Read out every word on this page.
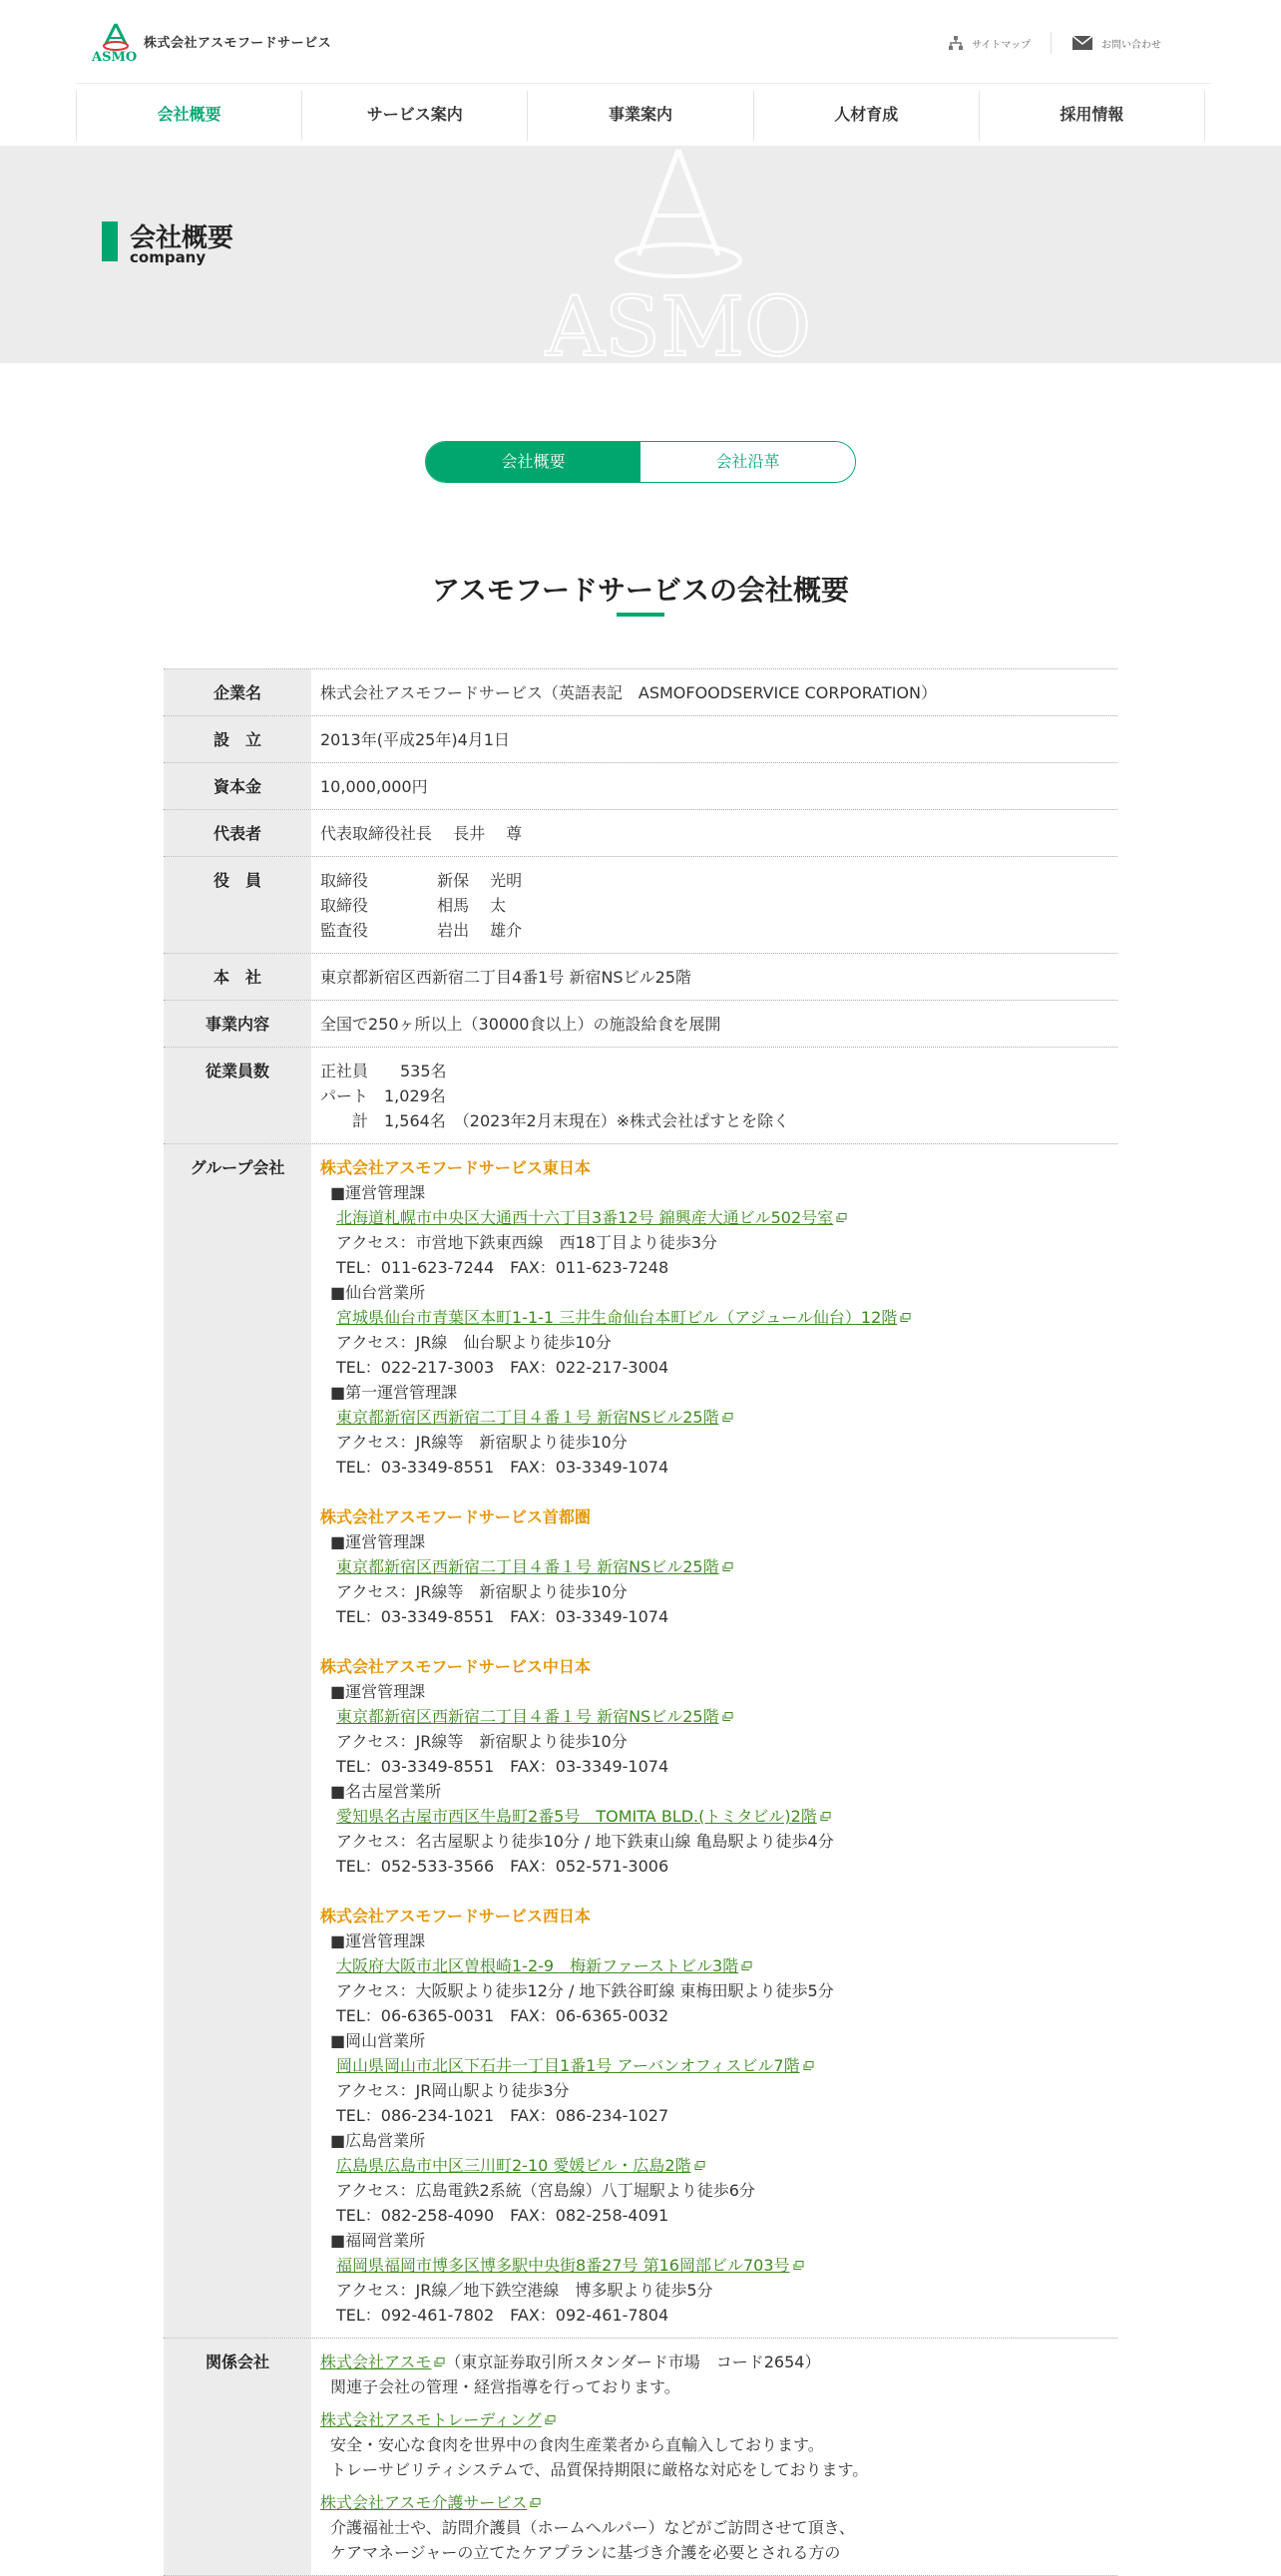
ASMO
株式会社アスモフードサービス	サイトマップ	お問い合わせ
会社概要	サービス案内	事業案内	人材育成	採用情報
ASMO
会社概要
company
会社概要	会社沿革
アスモフードサービスの会社概要
企業名	株式会社アスモフードサービス（英語表記　ASMOFOODSERVICE CORPORATION）
設　立	2013年(平成25年)4月1日
資本金	10,000,000円
代表者	代表取締役社長　 長井　 尊
役　員	取締役　　　　 新保　 光明
取締役　　　　 相馬　 太
監査役　　　　 岩出　 雄介
本　社	東京都新宿区西新宿二丁目4番1号 新宿NSビル25階
事業内容	全国で250ヶ所以上（30000食以上）の施設給食を展開
従業員数	正社員　　535名
パート　1,029名
　　計　1,564名　（2023年2月末現在）※株式会社ぱすとを除く
グループ会社	株式会社アスモフードサービス東日本
■運営管理課
北海道札幌市中央区大通西十六丁目3番12号 錦興産大通ビル502号室
アクセス：市営地下鉄東西線　西18丁目より徒歩3分
TEL：011-623-7244　FAX：011-623-7248
■仙台営業所
宮城県仙台市青葉区本町1-1-1 三井生命仙台本町ビル（アジュール仙台）12階
アクセス：JR線　仙台駅より徒歩10分
TEL：022-217-3003　FAX：022-217-3004
■第一運営管理課
東京都新宿区西新宿二丁目４番１号 新宿NSビル25階
アクセス：JR線等　新宿駅より徒歩10分
TEL：03-3349-8551　FAX：03-3349-1074
株式会社アスモフードサービス首都圏
■運営管理課
東京都新宿区西新宿二丁目４番１号 新宿NSビル25階
アクセス：JR線等　新宿駅より徒歩10分
TEL：03-3349-8551　FAX：03-3349-1074
株式会社アスモフードサービス中日本
■運営管理課
東京都新宿区西新宿二丁目４番１号 新宿NSビル25階
アクセス：JR線等　新宿駅より徒歩10分
TEL：03-3349-8551　FAX：03-3349-1074
■名古屋営業所
愛知県名古屋市西区牛島町2番5号　TOMITA BLD.(トミタビル)2階
アクセス：名古屋駅より徒歩10分 / 地下鉄東山線 亀島駅より徒歩4分
TEL：052-533-3566　FAX：052-571-3006
株式会社アスモフードサービス西日本
■運営管理課
大阪府大阪市北区曽根崎1-2-9　梅新ファーストビル3階
アクセス：大阪駅より徒歩12分 / 地下鉄谷町線 東梅田駅より徒歩5分
TEL：06-6365-0031　FAX：06-6365-0032
■岡山営業所
岡山県岡山市北区下石井一丁目1番1号 アーバンオフィスビル7階
アクセス：JR岡山駅より徒歩3分
TEL：086-234-1021　FAX：086-234-1027
■広島営業所
広島県広島市中区三川町2-10 愛媛ビル・広島2階
アクセス：広島電鉄2系統（宮島線）八丁堀駅より徒歩6分
TEL：082-258-4090　FAX：082-258-4091
■福岡営業所
福岡県福岡市博多区博多駅中央街8番27号 第16岡部ビル703号
アクセス：JR線／地下鉄空港線　博多駅より徒歩5分
TEL：092-461-7802　FAX：092-461-7804
関係会社	株式会社アスモ （東京証券取引所スタンダード市場　コード2654）
関連子会社の管理・経営指導を行っております。
株式会社アスモトレーディング
安全・安心な食肉を世界中の食肉生産業者から直輸入しております。
トレーサビリティシステムで、品質保持期限に厳格な対応をしております。
株式会社アスモ介護サービス
介護福祉士や、訪問介護員（ホームヘルパー）などがご訪問させて頂き、
ケアマネージャーの立てたケアプランに基づき介護を必要とされる方の
